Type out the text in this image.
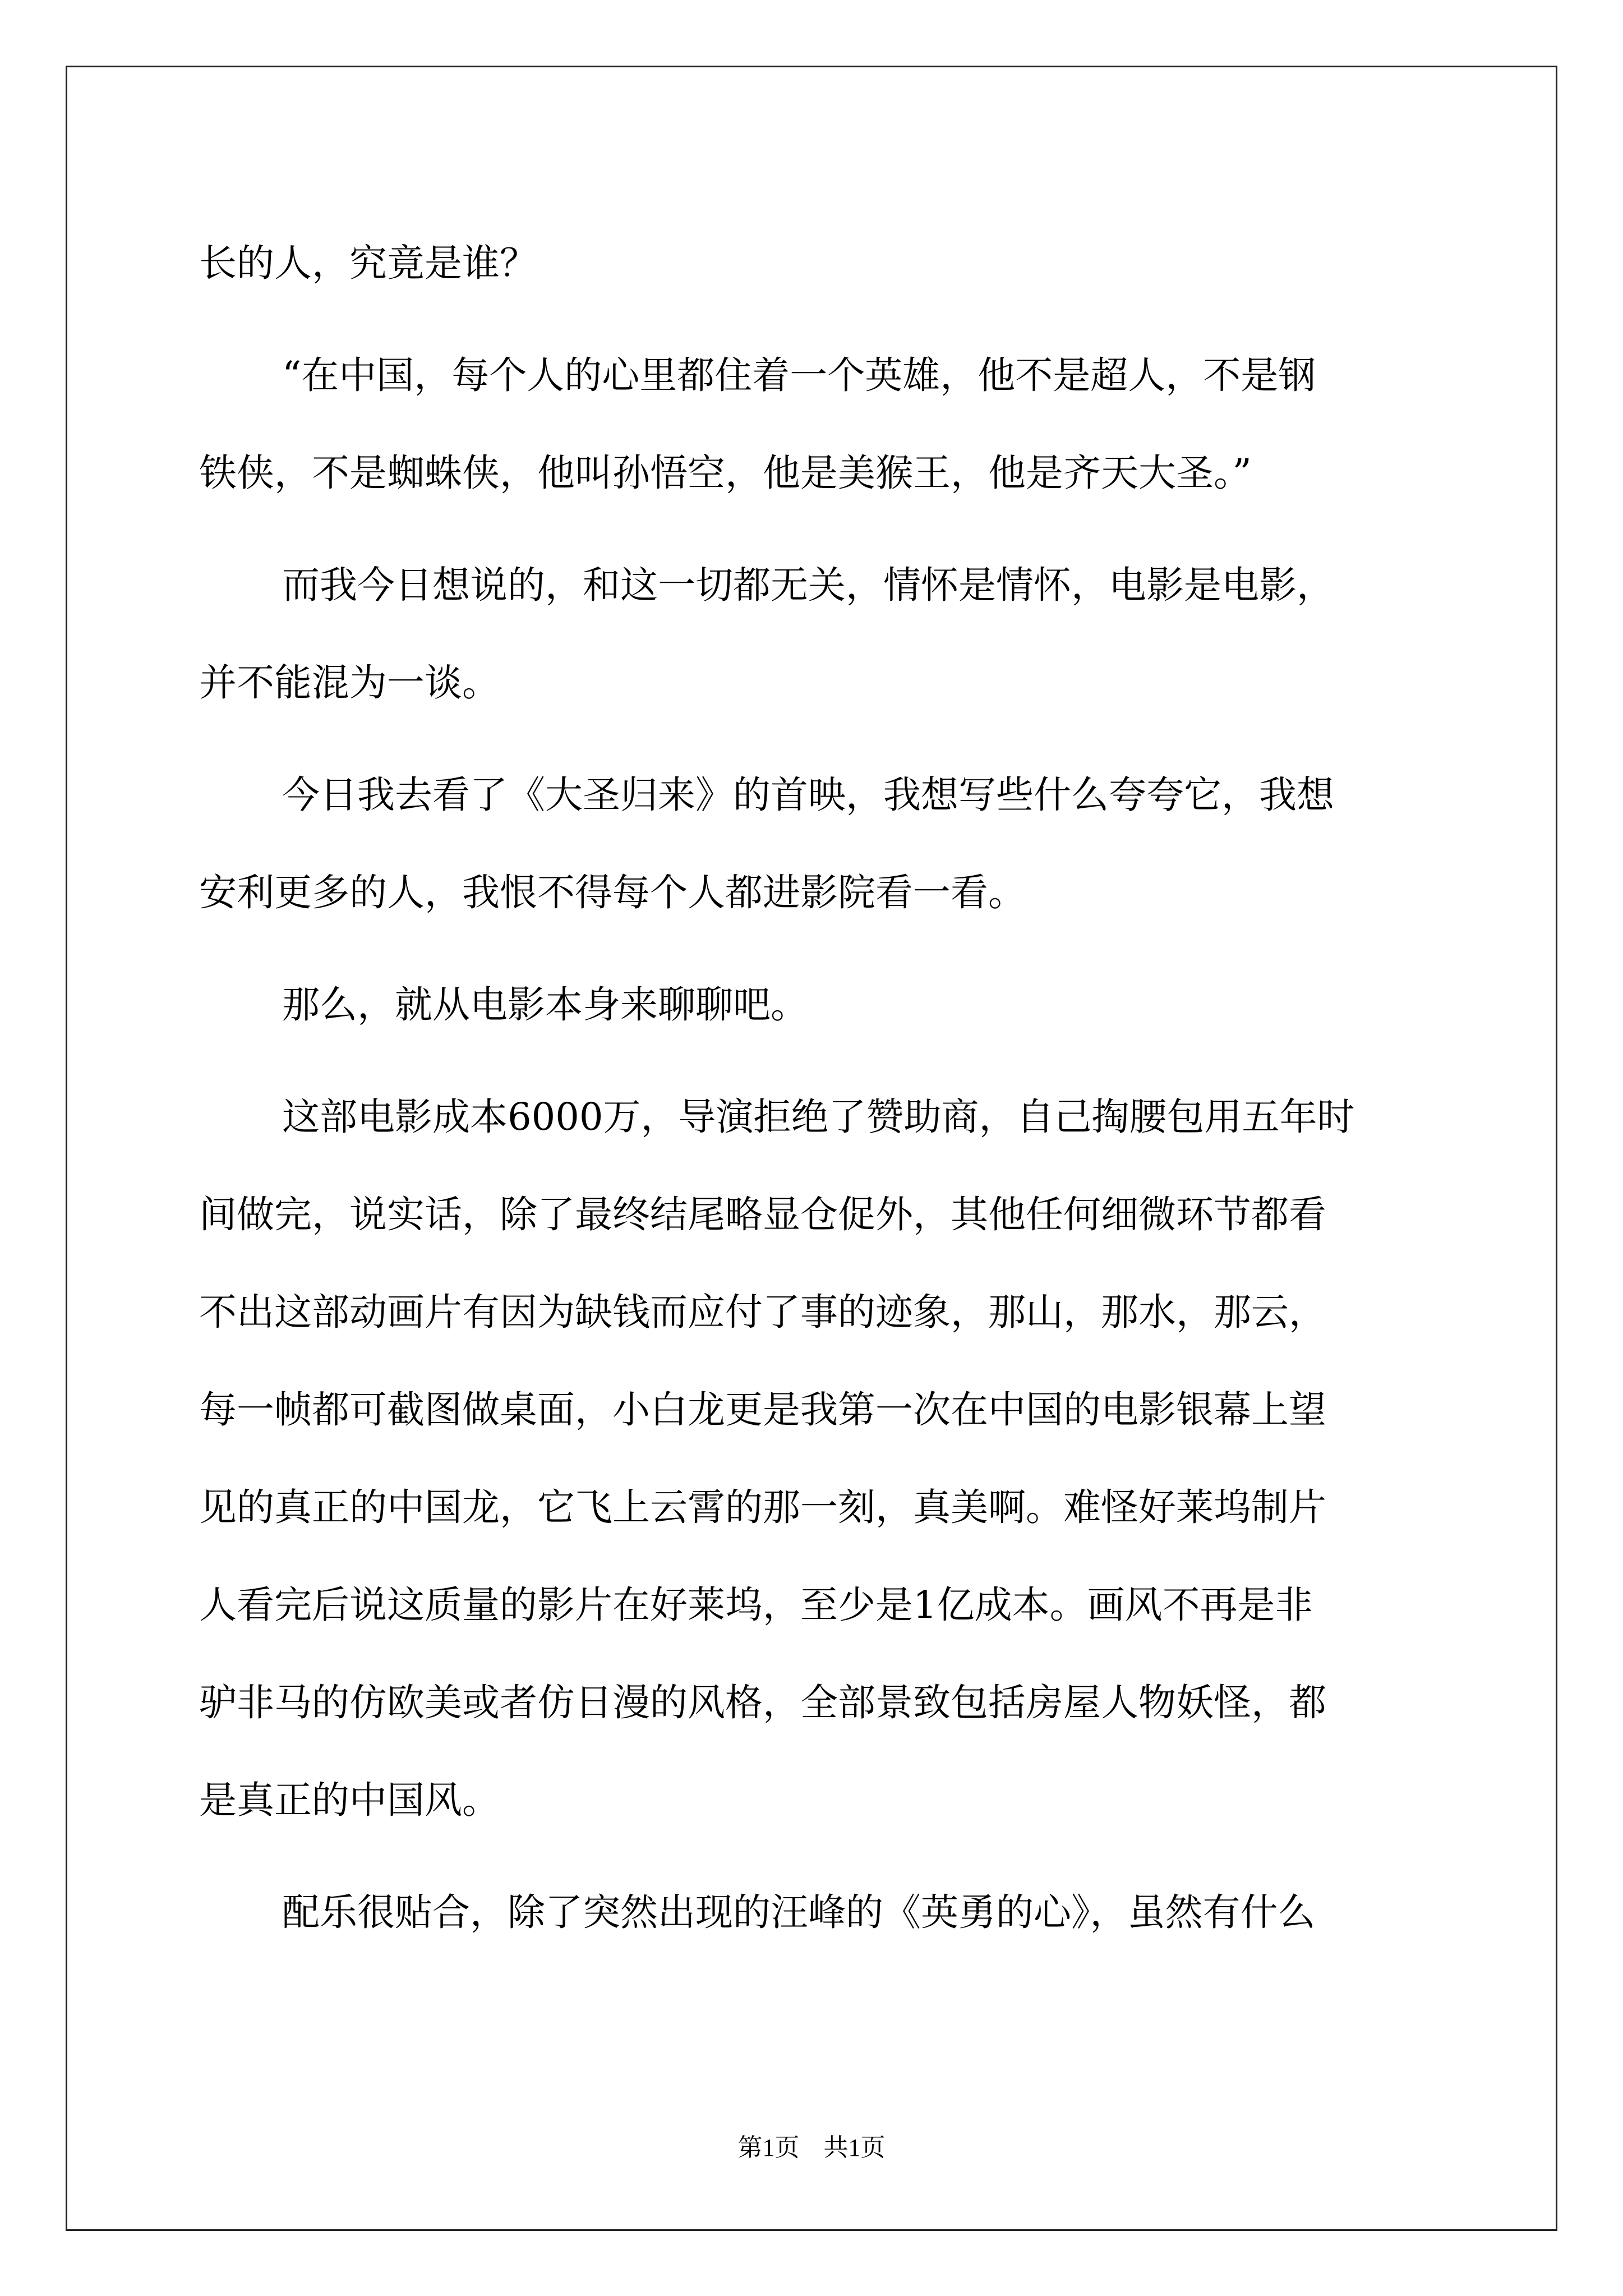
长的人，究竟是谁？

“在中国，每个人的心里都住着一个英雄，他不是超人，不是钢

铁侠，不是蜘蛛侠，他叫孙悟空，他是美猴王，他是齐天大圣。”

而我今日想说的，和这一切都无关，情怀是情怀，电影是电影，

并不能混为一谈。

今日我去看了《大圣归来》的首映，我想写些什么夸夸它，我想

安利更多的人，我恨不得每个人都进影院看一看。

那么，就从电影本身来聊聊吧。

这部电影成本6000万，导演拒绝了赞助商，自己掏腰包用五年时

间做完，说实话，除了最终结尾略显仓促外，其他任何细微环节都看

不出这部动画片有因为缺钱而应付了事的迹象，那山，那水，那云，

每一帧都可截图做桌面，小白龙更是我第一次在中国的电影银幕上望

见的真正的中国龙，它飞上云霄的那一刻，真美啊。难怪好莱坞制片

人看完后说这质量的影片在好莱坞，至少是1亿成本。画风不再是非

驴非马的仿欧美或者仿日漫的风格，全部景致包括房屋人物妖怪，都

是真正的中国风。

配乐很贴合，除了突然出现的汪峰的《英勇的心》，虽然有什么

第1页 共1页
